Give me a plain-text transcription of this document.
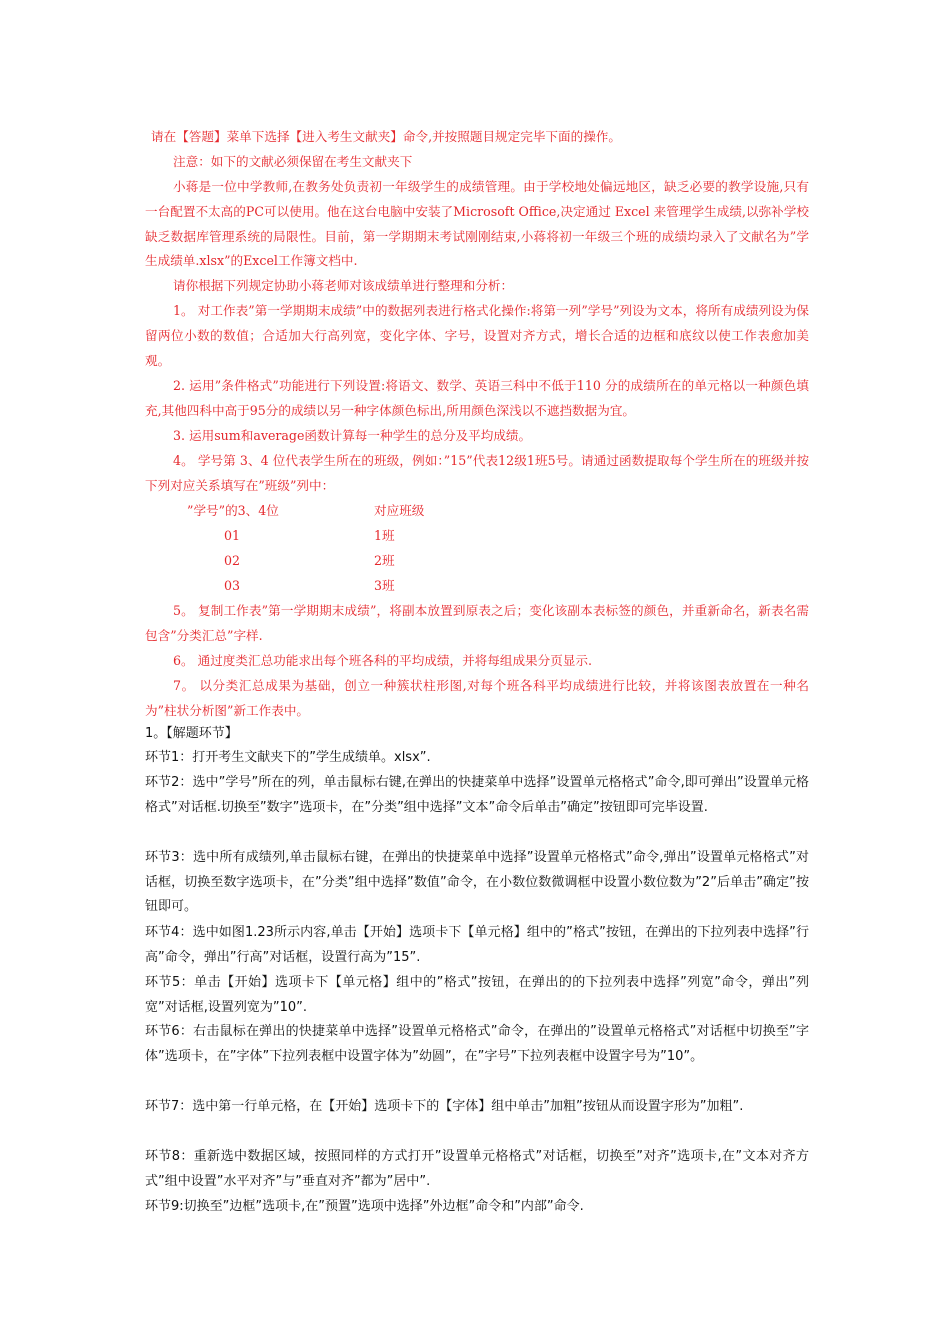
请在【答题】菜单下选择【进入考生文献夹】命令,并按照题目规定完毕下面的操作。

注意：如下的文献必须保留在考生文献夹下

小蒋是一位中学教师,在教务处负责初一年级学生的成绩管理。由于学校地处偏远地区，缺乏必要的教学设施,只有一台配置不太高的PC可以使用。他在这台电脑中安装了Microsoft Office,决定通过 Excel 来管理学生成绩,以弥补学校缺乏数据库管理系统的局限性。目前，第一学期期末考试刚刚结束,小蒋将初一年级三个班的成绩均录入了文献名为”学生成绩单.xlsx”的Excel工作簿文档中.

请你根据下列规定协助小蒋老师对该成绩单进行整理和分析：

1。 对工作表”第一学期期末成绩”中的数据列表进行格式化操作:将第一列”学号”列设为文本，将所有成绩列设为保留两位小数的数值；合适加大行高列宽，变化字体、字号，设置对齐方式，增长合适的边框和底纹以使工作表愈加美观。

2. 运用”条件格式”功能进行下列设置:将语文、数学、英语三科中不低于110 分的成绩所在的单元格以一种颜色填充,其他四科中高于95分的成绩以另一种字体颜色标出,所用颜色深浅以不遮挡数据为宜。

3. 运用sum和average函数计算每一种学生的总分及平均成绩。

4。 学号第 3、4 位代表学生所在的班级，例如：”15”代表12级1班5号。请通过函数提取每个学生所在的班级并按下列对应关系填写在”班级”列中：

”学号”的3、4位	对应班级
01	1班
02	2班
03	3班

5。 复制工作表”第一学期期末成绩”，将副本放置到原表之后；变化该副本表标签的颜色，并重新命名，新表名需包含”分类汇总”字样.

6。 通过度类汇总功能求出每个班各科的平均成绩，并将每组成果分页显示.

7。 以分类汇总成果为基础，创立一种簇状柱形图,对每个班各科平均成绩进行比较，并将该图表放置在一种名为”柱状分析图”新工作表中。

1。【解题环节】

环节1：打开考生文献夹下的”学生成绩单。xlsx”.

环节2：选中”学号”所在的列，单击鼠标右键,在弹出的快捷菜单中选择”设置单元格格式”命令,即可弹出”设置单元格格式”对话框.切换至”数字”选项卡，在”分类”组中选择”文本”命令后单击”确定”按钮即可完毕设置.

环节3：选中所有成绩列,单击鼠标右键，在弹出的快捷菜单中选择”设置单元格格式”命令,弹出”设置单元格格式”对话框，切换至数字选项卡，在”分类”组中选择”数值”命令，在小数位数微调框中设置小数位数为”2”后单击”确定”按钮即可。

环节4：选中如图1.23所示内容,单击【开始】选项卡下【单元格】组中的”格式”按钮，在弹出的下拉列表中选择”行高”命令，弹出”行高”对话框，设置行高为”15”.

环节5：单击【开始】选项卡下【单元格】组中的”格式”按钮，在弹出的的下拉列表中选择”列宽”命令，弹出”列宽”对话框,设置列宽为”10”.

环节6：右击鼠标在弹出的快捷菜单中选择”设置单元格格式”命令，在弹出的”设置单元格格式”对话框中切换至”字体”选项卡，在”字体”下拉列表框中设置字体为”幼圆”，在”字号”下拉列表框中设置字号为”10”。

环节7：选中第一行单元格，在【开始】选项卡下的【字体】组中单击”加粗”按钮从而设置字形为”加粗”.

环节8：重新选中数据区域，按照同样的方式打开”设置单元格格式”对话框，切换至”对齐”选项卡,在”文本对齐方式”组中设置”水平对齐”与”垂直对齐”都为”居中”.

环节9:切换至”边框”选项卡,在”预置”选项中选择”外边框”命令和”内部”命令.
